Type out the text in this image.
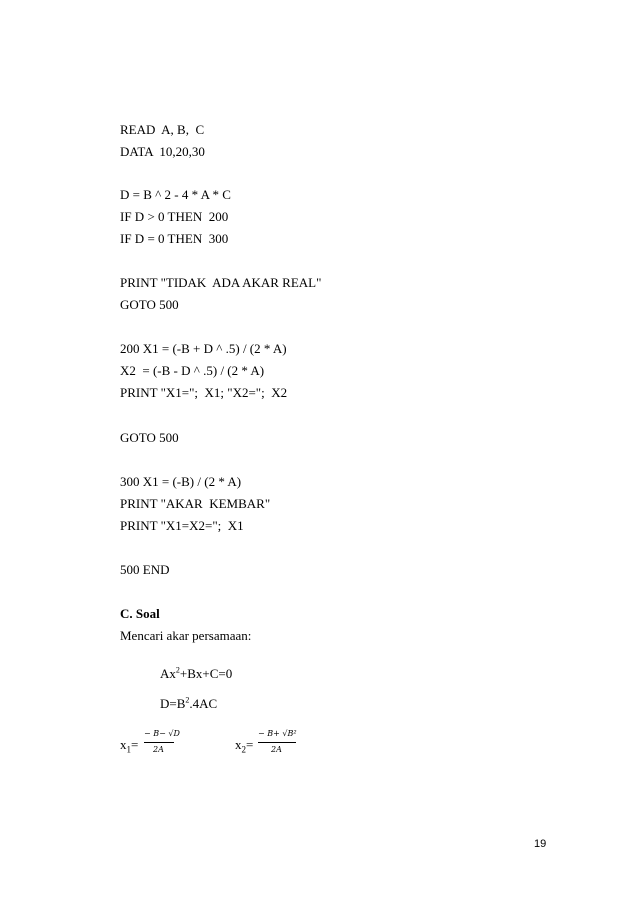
READ  A, B,  C
DATA  10,20,30
D = B ^ 2 - 4 * A * C
IF D > 0 THEN  200
IF D = 0 THEN  300
PRINT "TIDAK  ADA AKAR REAL"
GOTO 500
200 X1 = (-B + D ^ .5) / (2 * A)
X2  = (-B - D ^ .5) / (2 * A)
PRINT "X1=";  X1; "X2=";  X2
GOTO 500
300 X1 = (-B) / (2 * A)
PRINT "AKAR  KEMBAR"
PRINT "X1=X2=";  X1
500 END
C. Soal
Mencari akar persamaan:
$Ax^2+Bx+C=0$
$D=B^2.4AC$
$x_1=$
− B− √D
2A	$x_2=$
− B+ √B²
2A
19
